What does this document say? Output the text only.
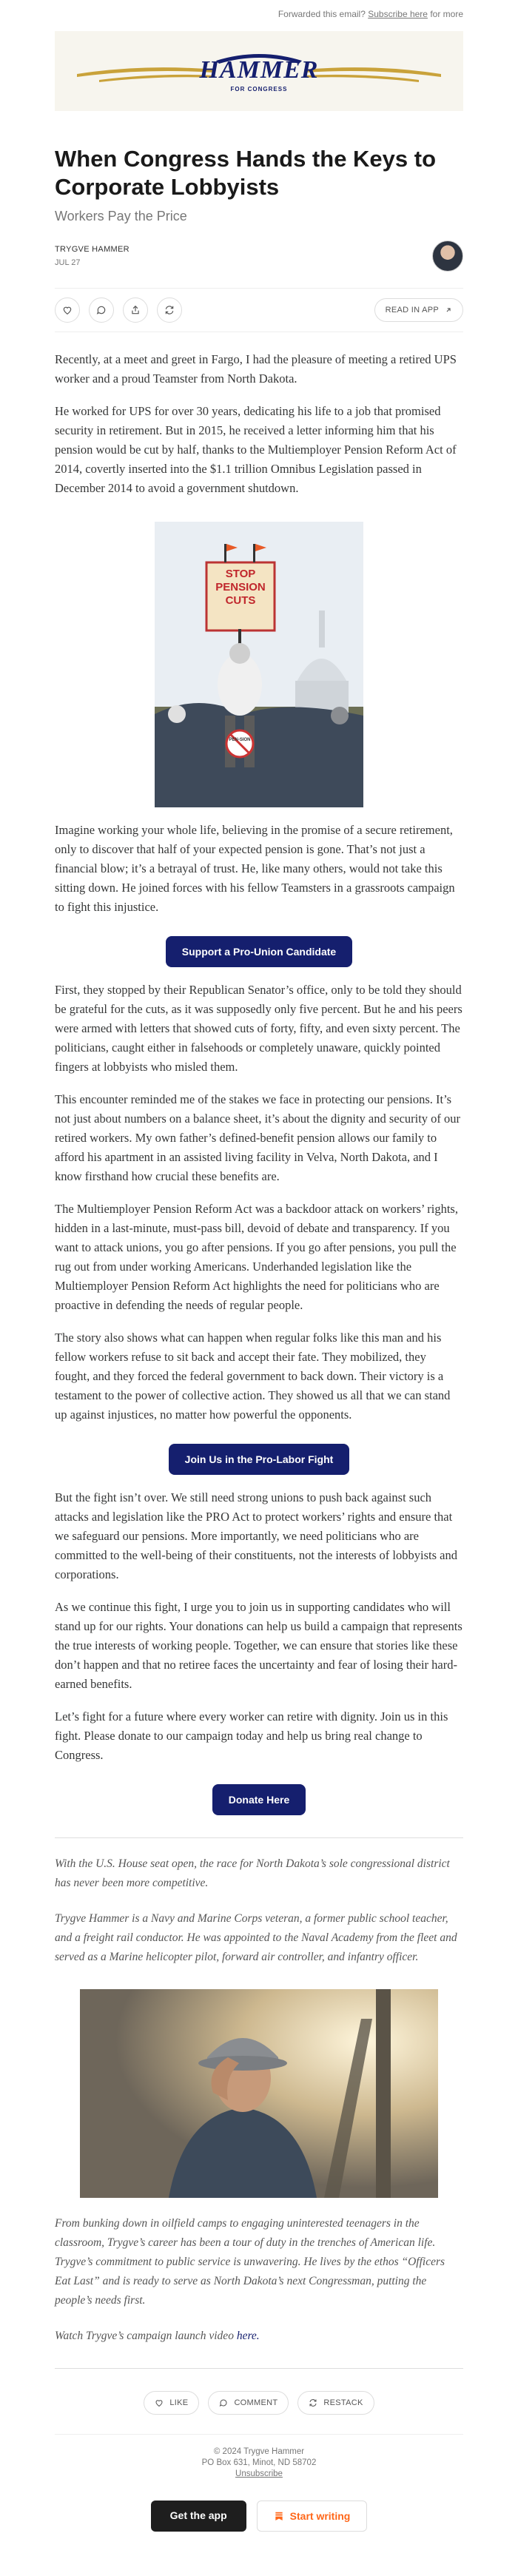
Forwarded this email? Subscribe here for more
HAMMER
FOR CONGRESS
When Congress Hands the Keys to Corporate Lobbyists
Workers Pay the Price
TRYGVE HAMMER
JUL 27
READ IN APP

Recently, at a meet and greet in Fargo, I had the pleasure of meeting a retired UPS worker and a proud Teamster from North Dakota.

He worked for UPS for over 30 years, dedicating his life to a job that promised security in retirement. But in 2015, he received a letter informing him that his pension would be cut by half, thanks to the Multiemployer Pension Reform Act of 2014, covertly inserted into the $1.1 trillion Omnibus Legislation passed in December 2014 to avoid a government shutdown.

STOP PENSION CUTS
PEN-SION

Imagine working your whole life, believing in the promise of a secure retirement, only to discover that half of your expected pension is gone. That’s not just a financial blow; it’s a betrayal of trust. He, like many others, would not take this sitting down. He joined forces with his fellow Teamsters in a grassroots campaign to fight this injustice.

Support a Pro-Union Candidate

First, they stopped by their Republican Senator’s office, only to be told they should be grateful for the cuts, as it was supposedly only five percent. But he and his peers were armed with letters that showed cuts of forty, fifty, and even sixty percent. The politicians, caught either in falsehoods or completely unaware, quickly pointed fingers at lobbyists who misled them.

This encounter reminded me of the stakes we face in protecting our pensions. It’s not just about numbers on a balance sheet, it’s about the dignity and security of our retired workers. My own father’s defined-benefit pension allows our family to afford his apartment in an assisted living facility in Velva, North Dakota, and I know firsthand how crucial these benefits are.

The Multiemployer Pension Reform Act was a backdoor attack on workers’ rights, hidden in a last-minute, must-pass bill, devoid of debate and transparency. If you want to attack unions, you go after pensions. If you go after pensions, you pull the rug out from under working Americans. Underhanded legislation like the Multiemployer Pension Reform Act highlights the need for politicians who are proactive in defending the needs of regular people.

The story also shows what can happen when regular folks like this man and his fellow workers refuse to sit back and accept their fate. They mobilized, they fought, and they forced the federal government to back down. Their victory is a testament to the power of collective action. They showed us all that we can stand up against injustices, no matter how powerful the opponents.

Join Us in the Pro-Labor Fight

But the fight isn’t over. We still need strong unions to push back against such attacks and legislation like the PRO Act to protect workers’ rights and ensure that we safeguard our pensions. More importantly, we need politicians who are committed to the well-being of their constituents, not the interests of lobbyists and corporations.

As we continue this fight, I urge you to join us in supporting candidates who will stand up for our rights. Your donations can help us build a campaign that represents the true interests of working people. Together, we can ensure that stories like these don’t happen and that no retiree faces the uncertainty and fear of losing their hard-earned benefits.

Let’s fight for a future where every worker can retire with dignity. Join us in this fight. Please donate to our campaign today and help us bring real change to Congress.

Donate Here

With the U.S. House seat open, the race for North Dakota’s sole congressional district has never been more competitive.

Trygve Hammer is a Navy and Marine Corps veteran, a former public school teacher, and a freight rail conductor. He was appointed to the Naval Academy from the fleet and served as a Marine helicopter pilot, forward air controller, and infantry officer.

From bunking down in oilfield camps to engaging uninterested teenagers in the classroom, Trygve’s career has been a tour of duty in the trenches of American life. Trygve’s commitment to public service is unwavering. He lives by the ethos “Officers Eat Last” and is ready to serve as North Dakota’s next Congressman, putting the people’s needs first.

Watch Trygve’s campaign launch video here.

LIKE	COMMENT	RESTACK
© 2024 Trygve Hammer
PO Box 631, Minot, ND 58702
Unsubscribe
Get the app	Start writing
